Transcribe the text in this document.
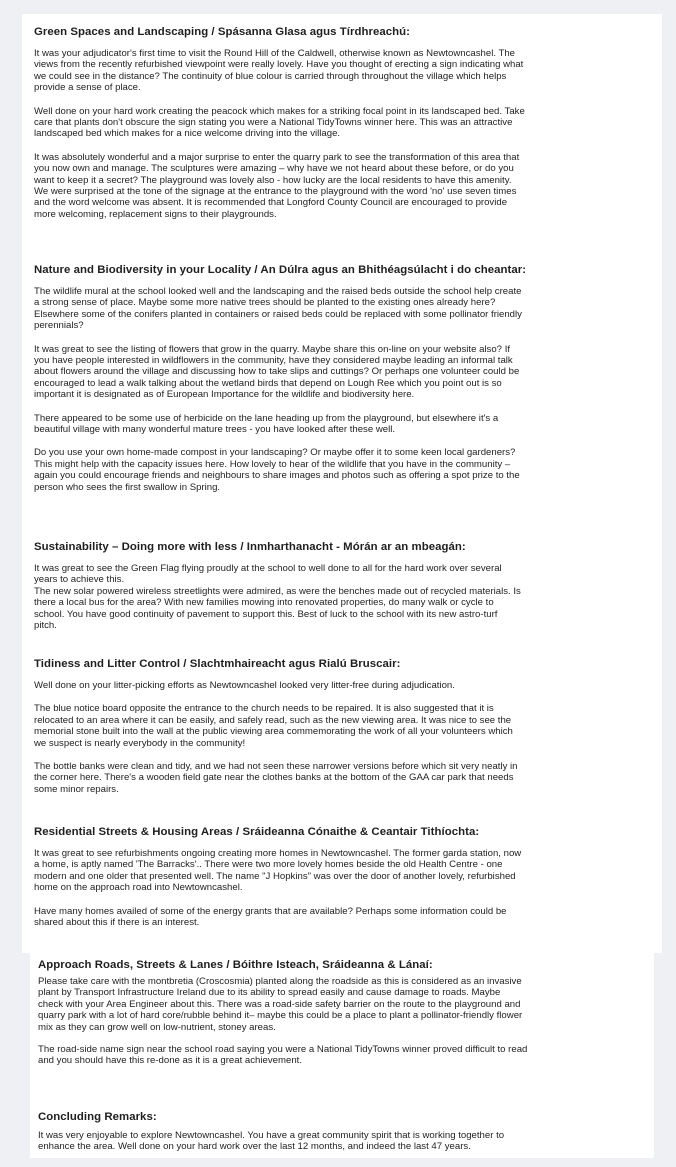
Green Spaces and Landscaping / Spásanna Glasa agus Tírdhreachú:

It was your adjudicator's first time to visit the Round Hill of the Caldwell, otherwise known as Newtowncashel. The
views from the recently refurbished viewpoint were really lovely. Have you thought of erecting a sign indicating what
we could see in the distance? The continuity of blue colour is carried through throughout the village which helps
provide a sense of place.

Well done on your hard work creating the peacock which makes for a striking focal point in its landscaped bed. Take
care that plants don't obscure the sign stating you were a National TidyTowns winner here. This was an attractive
landscaped bed which makes for a nice welcome driving into the village.

It was absolutely wonderful and a major surprise to enter the quarry park to see the transformation of this area that
you now own and manage. The sculptures were amazing – why have we not heard about these before, or do you
want to keep it a secret? The playground was lovely also - how lucky are the local residents to have this amenity.
We were surprised at the tone of the signage at the entrance to the playground with the word 'no' use seven times
and the word welcome was absent. It is recommended that Longford County Council are encouraged to provide
more welcoming, replacement signs to their playgrounds.

Nature and Biodiversity in your Locality / An Dúlra agus an Bhithéagsúlacht i do cheantar:

The wildlife mural at the school looked well and the landscaping and the raised beds outside the school help create
a strong sense of place. Maybe some more native trees should be planted to the existing ones already here?
Elsewhere some of the conifers planted in containers or raised beds could be replaced with some pollinator friendly
perennials?

It was great to see the listing of flowers that grow in the quarry. Maybe share this on-line on your website also? If
you have people interested in wildflowers in the community, have they considered maybe leading an informal talk
about flowers around the village and discussing how to take slips and cuttings? Or perhaps one volunteer could be
encouraged to lead a walk talking about the wetland birds that depend on Lough Ree which you point out is so
important it is designated as of European Importance for the wildlife and biodiversity here.

There appeared to be some use of herbicide on the lane heading up from the playground, but elsewhere it's a
beautiful village with many wonderful mature trees - you have looked after these well.

Do you use your own home-made compost in your landscaping? Or maybe offer it to some keen local gardeners?
This might help with the capacity issues here. How lovely to hear of the wildlife that you have in the community –
again you could encourage friends and neighbours to share images and photos such as offering a spot prize to the
person who sees the first swallow in Spring.

Sustainability – Doing more with less / Inmharthanacht - Mórán ar an mbeagán:

It was great to see the Green Flag flying proudly at the school to well done to all for the hard work over several
years to achieve this.
The new solar powered wireless streetlights were admired, as were the benches made out of recycled materials. Is
there a local bus for the area? With new families mowing into renovated properties, do many walk or cycle to
school. You have good continuity of pavement to support this. Best of luck to the school with its new astro-turf
pitch.

Tidiness and Litter Control / Slachtmhaireacht agus Rialú Bruscair:

Well done on your litter-picking efforts as Newtowncashel looked very litter-free during adjudication.

The blue notice board opposite the entrance to the church needs to be repaired. It is also suggested that it is
relocated to an area where it can be easily, and safely read, such as the new viewing area. It was nice to see the
memorial stone built into the wall at the public viewing area commemorating the work of all your volunteers which
we suspect is nearly everybody in the community!

The bottle banks were clean and tidy, and we had not seen these narrower versions before which sit very neatly in
the corner here. There's a wooden field gate near the clothes banks at the bottom of the GAA car park that needs
some minor repairs.

Residential Streets & Housing Areas / Sráideanna Cónaithe & Ceantair Tithíochta:

It was great to see refurbishments ongoing creating more homes in Newtowncashel. The former garda station, now
a home, is aptly named 'The Barracks'.. There were two more lovely homes beside the old Health Centre - one
modern and one older that presented well. The name "J Hopkins" was over the door of another lovely, refurbished
home on the approach road into Newtowncashel.

Have many homes availed of some of the energy grants that are available? Perhaps some information could be
shared about this if there is an interest.

Approach Roads, Streets & Lanes / Bóithre Isteach, Sráideanna & Lánaí:

Please take care with the montbretia (Croscosmia) planted along the roadside as this is considered as an invasive
plant by Transport Infrastructure Ireland due to its ability to spread easily and cause damage to roads. Maybe
check with your Area Engineer about this. There was a road-side safety barrier on the route to the playground and
quarry park with a lot of hard core/rubble behind it– maybe this could be a place to plant a pollinator-friendly flower
mix as they can grow well on low-nutrient, stoney areas.

The road-side name sign near the school road saying you were a National TidyTowns winner proved difficult to read
and you should have this re-done as it is a great achievement.

Concluding Remarks:

It was very enjoyable to explore Newtowncashel. You have a great community spirit that is working together to
enhance the area. Well done on your hard work over the last 12 months, and indeed the last 47 years.
